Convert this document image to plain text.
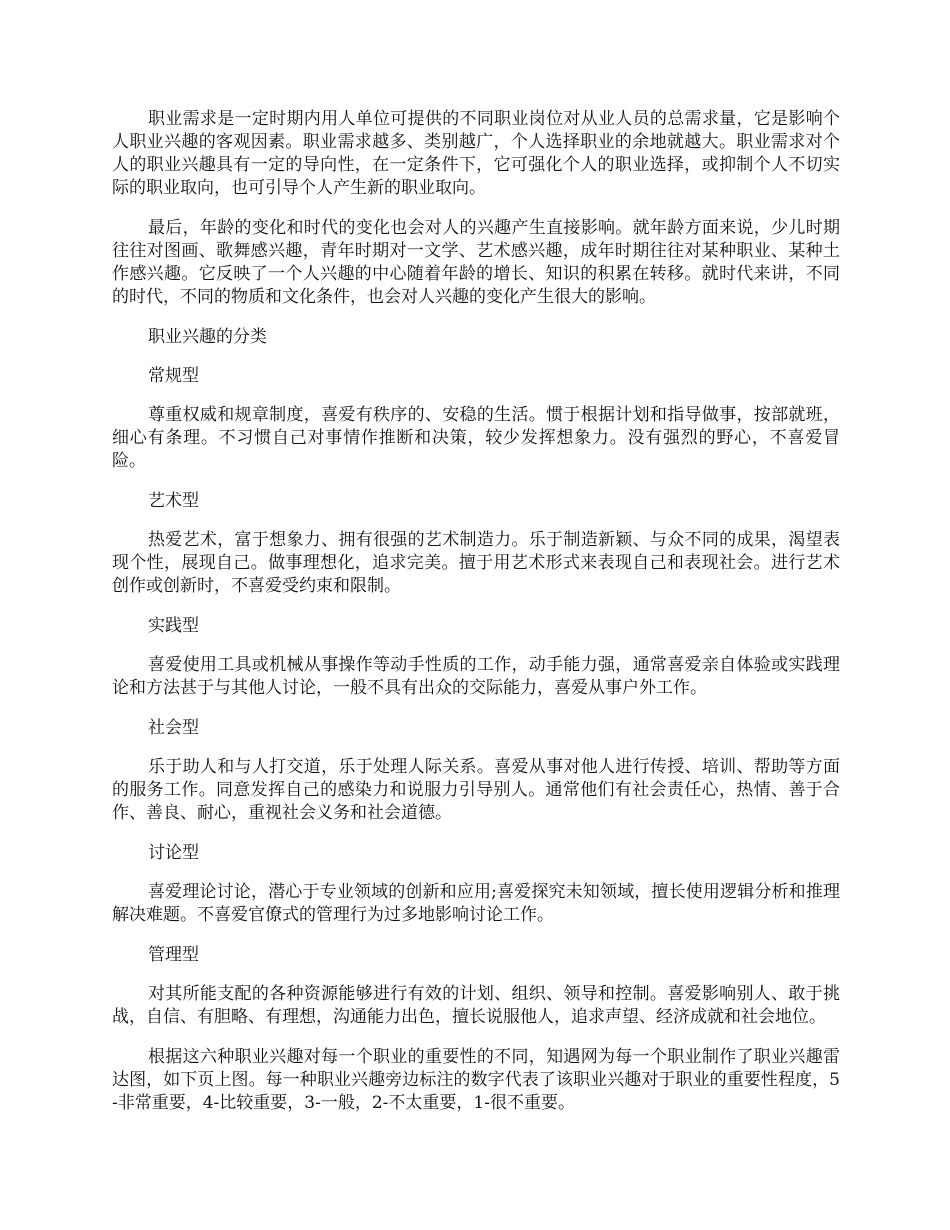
职业需求是一定时期内用人单位可提供的不同职业岗位对从业人员的总需求量，它是影响个人职业兴趣的客观因素。职业需求越多、类别越广，个人选择职业的余地就越大。职业需求对个人的职业兴趣具有一定的导向性，在一定条件下，它可强化个人的职业选择，或抑制个人不切实际的职业取向，也可引导个人产生新的职业取向。

最后，年龄的变化和时代的变化也会对人的兴趣产生直接影响。就年龄方面来说，少儿时期往往对图画、歌舞感兴趣，青年时期对一文学、艺术感兴趣，成年时期往往对某种职业、某种土作感兴趣。它反映了一个人兴趣的中心随着年龄的增长、知识的积累在转移。就时代来讲，不同的时代，不同的物质和文化条件，也会对人兴趣的变化产生很大的影响。

职业兴趣的分类

常规型

尊重权威和规章制度，喜爱有秩序的、安稳的生活。惯于根据计划和指导做事，按部就班，细心有条理。不习惯自己对事情作推断和决策，较少发挥想象力。没有强烈的野心，不喜爱冒险。

艺术型

热爱艺术，富于想象力、拥有很强的艺术制造力。乐于制造新颖、与众不同的成果，渴望表现个性，展现自己。做事理想化，追求完美。擅于用艺术形式来表现自己和表现社会。进行艺术创作或创新时，不喜爱受约束和限制。

实践型

喜爱使用工具或机械从事操作等动手性质的工作，动手能力强，通常喜爱亲自体验或实践理论和方法甚于与其他人讨论，一般不具有出众的交际能力，喜爱从事户外工作。

社会型

乐于助人和与人打交道，乐于处理人际关系。喜爱从事对他人进行传授、培训、帮助等方面的服务工作。同意发挥自己的感染力和说服力引导别人。通常他们有社会责任心，热情、善于合作、善良、耐心，重视社会义务和社会道德。

讨论型

喜爱理论讨论，潜心于专业领域的创新和应用;喜爱探究未知领域，擅长使用逻辑分析和推理解决难题。不喜爱官僚式的管理行为过多地影响讨论工作。

管理型

对其所能支配的各种资源能够进行有效的计划、组织、领导和控制。喜爱影响别人、敢于挑战，自信、有胆略、有理想，沟通能力出色，擅长说服他人，追求声望、经济成就和社会地位。

根据这六种职业兴趣对每一个职业的重要性的不同，知遇网为每一个职业制作了职业兴趣雷达图，如下页上图。每一种职业兴趣旁边标注的数字代表了该职业兴趣对于职业的重要性程度，5-非常重要，4-比较重要，3-一般，2-不太重要，1-很不重要。
